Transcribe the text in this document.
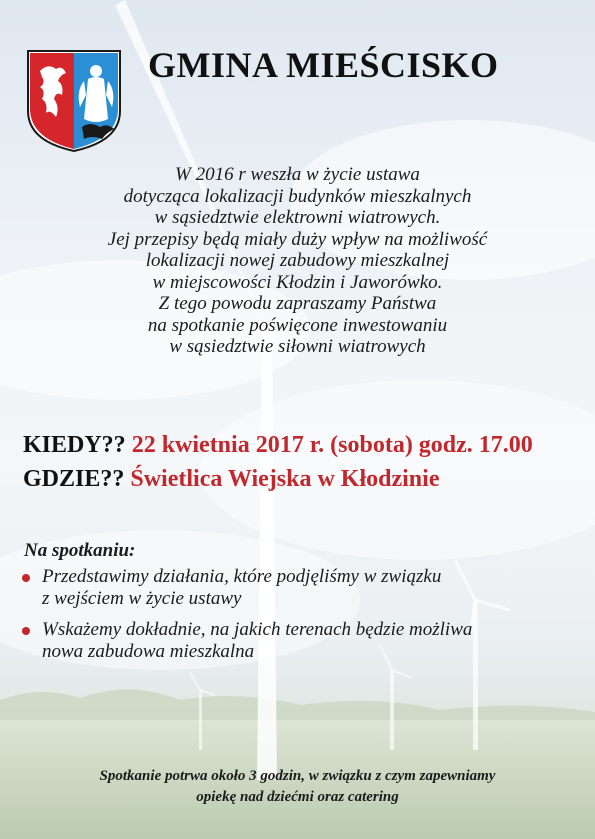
GMINA MIEŚCISKO
W 2016 r weszła w życie ustawa
dotycząca lokalizacji budynków mieszkalnych
w sąsiedztwie elektrowni wiatrowych.
Jej przepisy będą miały duży wpływ na możliwość
lokalizacji nowej zabudowy mieszkalnej
w miejscowości Kłodzin i Jaworówko.
Z tego powodu zapraszamy Państwa
na spotkanie poświęcone inwestowaniu
w sąsiedztwie siłowni wiatrowych
KIEDY?? 22 kwietnia 2017 r. (sobota) godz. 17.00
GDZIE?? Świetlica Wiejska w Kłodzinie
Na spotkaniu:
Przedstawimy działania, które podjęliśmy w związku
z wejściem w życie ustawy
Wskażemy dokładnie, na jakich terenach będzie możliwa
nowa zabudowa mieszkalna
Spotkanie potrwa około 3 godzin, w związku z czym zapewniamy
opiekę nad dziećmi oraz catering
